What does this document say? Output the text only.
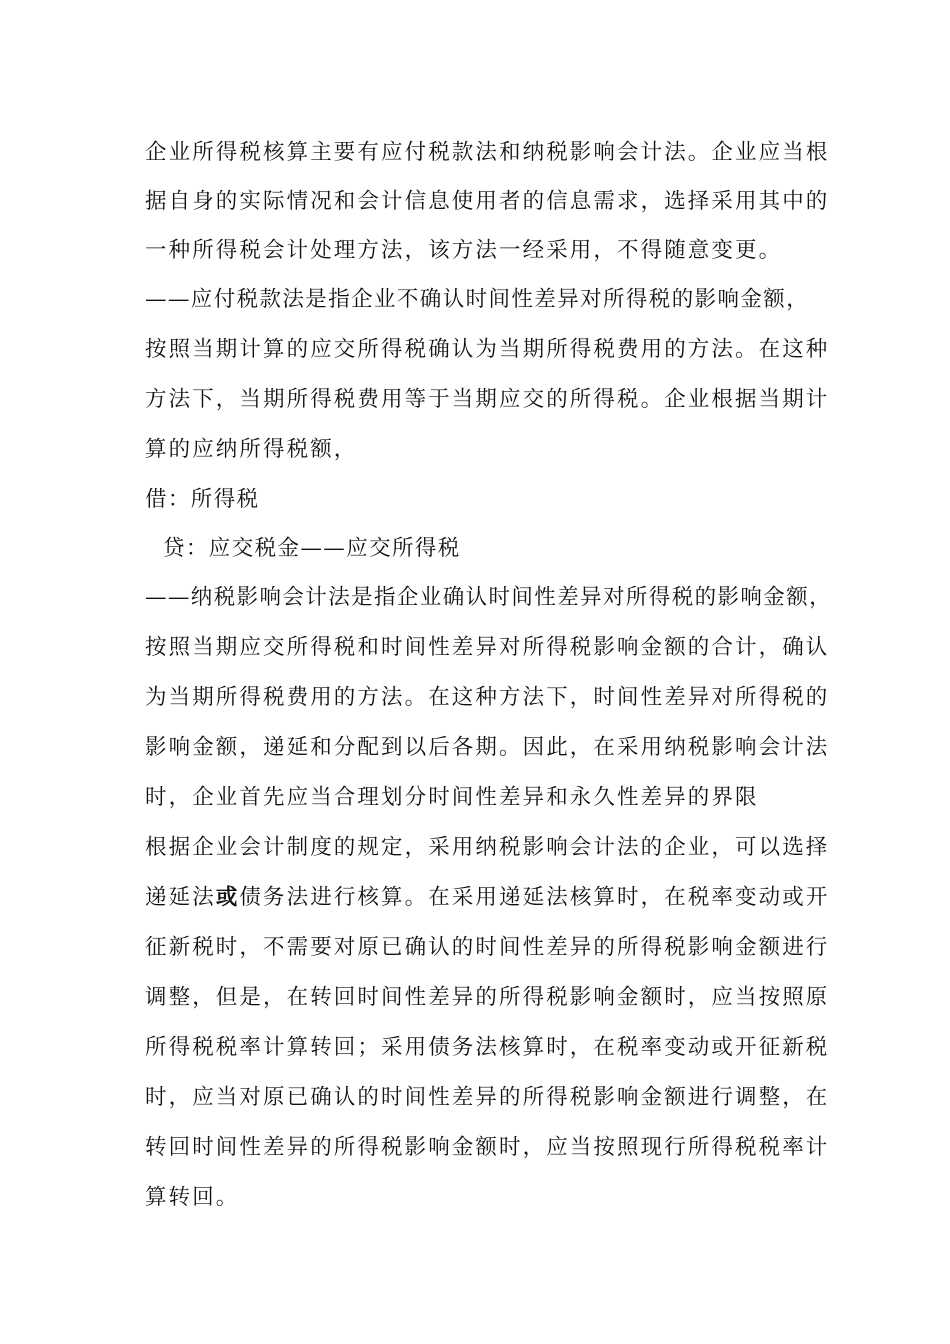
企业所得税核算主要有应付税款法和纳税影响会计法。企业应当根
据自身的实际情况和会计信息使用者的信息需求，选择采用其中的
一种所得税会计处理方法，该方法一经采用，不得随意变更。
——应付税款法是指企业不确认时间性差异对所得税的影响金额，
按照当期计算的应交所得税确认为当期所得税费用的方法。在这种
方法下，当期所得税费用等于当期应交的所得税。企业根据当期计
算的应纳所得税额，
借：所得税
贷：应交税金——应交所得税
——纳税影响会计法是指企业确认时间性差异对所得税的影响金额，
按照当期应交所得税和时间性差异对所得税影响金额的合计，确认
为当期所得税费用的方法。在这种方法下，时间性差异对所得税的
影响金额，递延和分配到以后各期。因此，在采用纳税影响会计法
时，企业首先应当合理划分时间性差异和永久性差异的界限
根据企业会计制度的规定，采用纳税影响会计法的企业，可以选择
递延法或债务法进行核算。在采用递延法核算时，在税率变动或开
征新税时，不需要对原已确认的时间性差异的所得税影响金额进行
调整，但是，在转回时间性差异的所得税影响金额时，应当按照原
所得税税率计算转回；采用债务法核算时，在税率变动或开征新税
时，应当对原已确认的时间性差异的所得税影响金额进行调整，在
转回时间性差异的所得税影响金额时，应当按照现行所得税税率计
算转回。
